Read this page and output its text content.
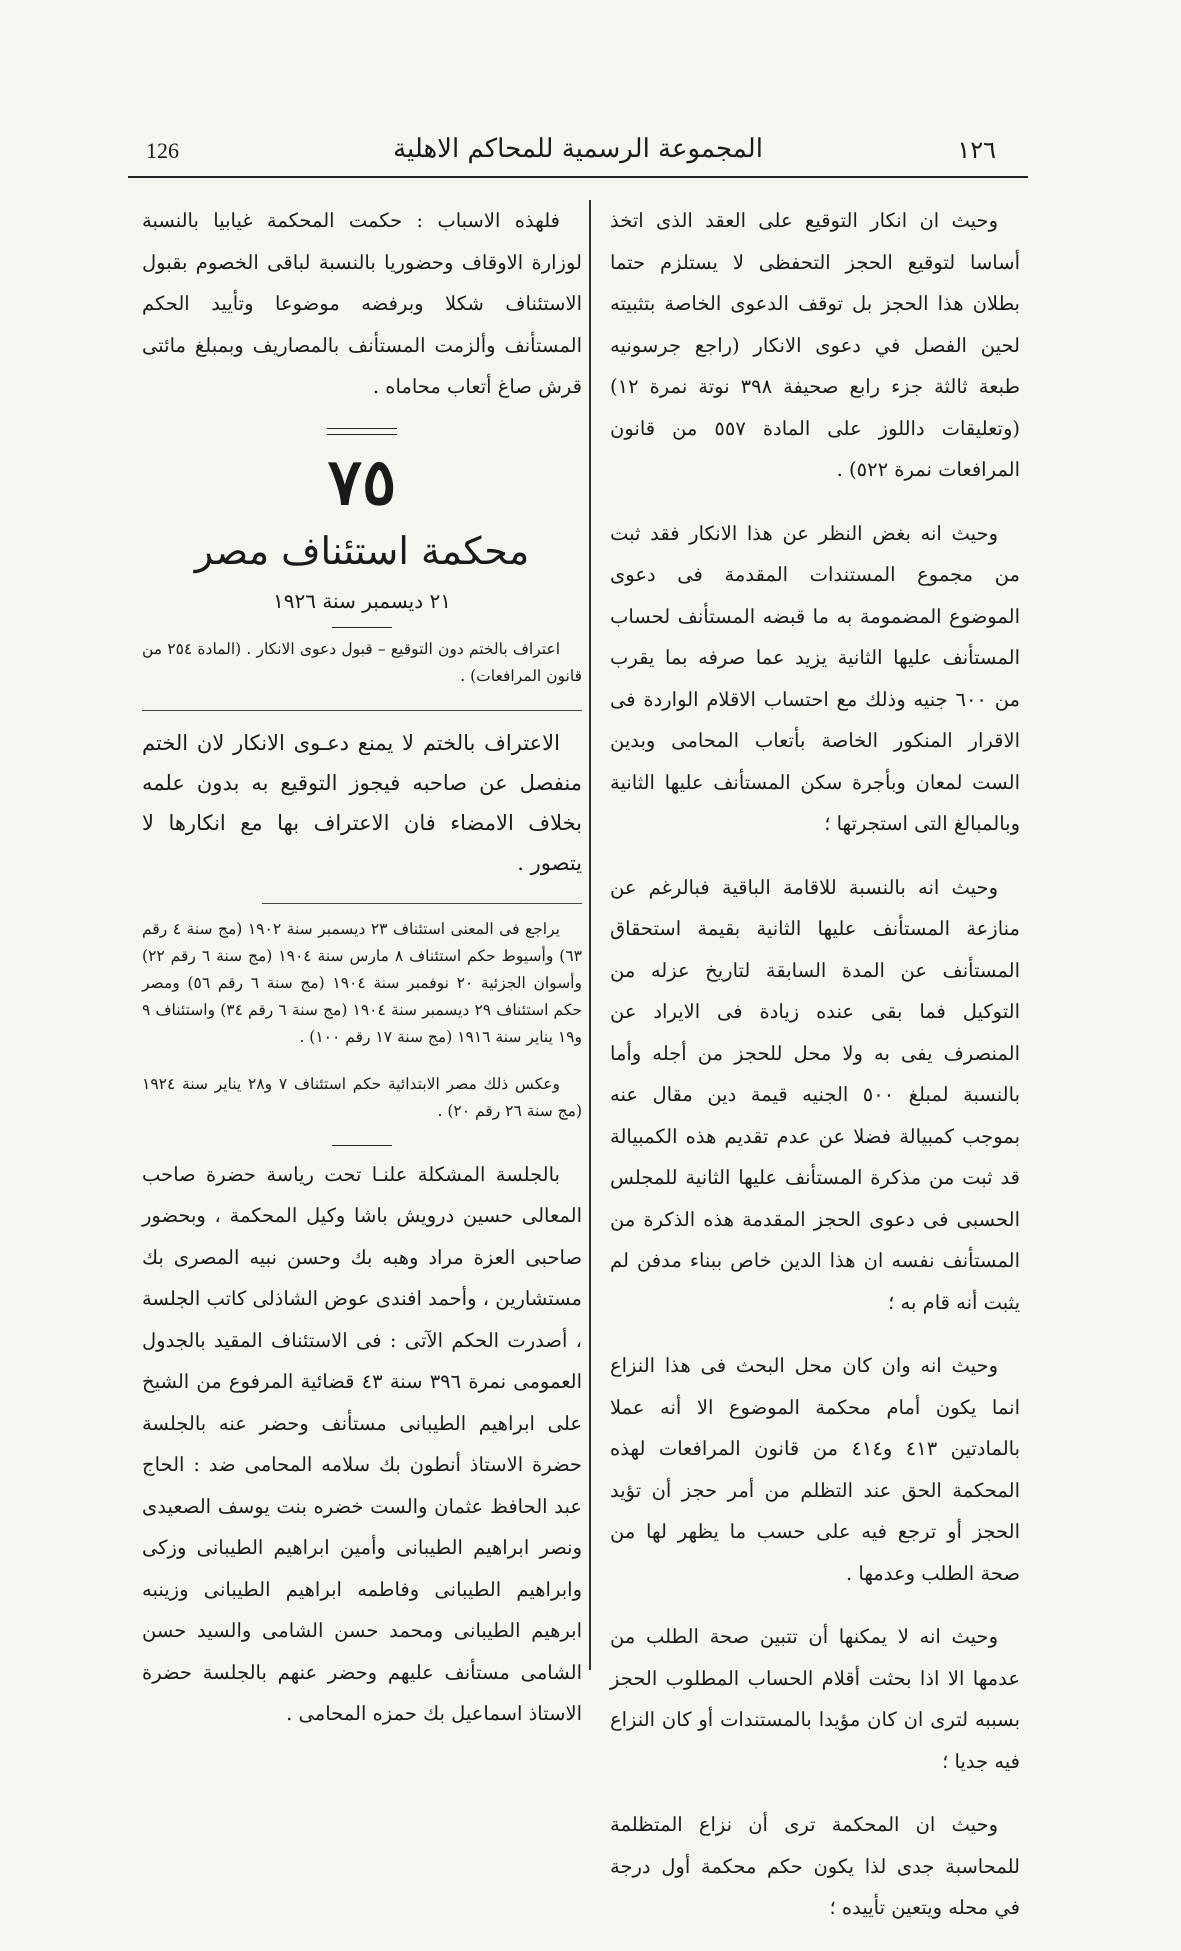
126	المجموعة الرسمية للمحاكم الاهلية	١٢٦

وحيث ان انكار التوقيع على العقد الذى اتخذ أساسا لتوقيع الحجز التحفظى لا يستلزم حتما بطلان هذا الحجز بل توقف الدعوى الخاصة بتثبيته لحين الفصل في دعوى الانكار (راجع جرسونيه طبعة ثالثة جزء رابع صحيفة ٣٩٨ نوتة نمرة ١٢) (وتعليقات داللوز على المادة ٥٥٧ من قانون المرافعات نمرة ٥٢٢) .

وحيث انه بغض النظر عن هذا الانكار فقد ثبت من مجموع المستندات المقدمة فى دعوى الموضوع المضمومة به ما قبضه المستأنف لحساب المستأنف عليها الثانية يزيد عما صرفه بما يقرب من ٦٠٠ جنيه وذلك مع احتساب الاقلام الواردة فى الاقرار المنكور الخاصة بأتعاب المحامى وبدين الست لمعان وبأجرة سكن المستأنف عليها الثانية وبالمبالغ التى استجرتها ؛

وحيث انه بالنسبة للاقامة الباقية فبالرغم عن منازعة المستأنف عليها الثانية بقيمة استحقاق المستأنف عن المدة السابقة لتاريخ عزله من التوكيل فما بقى عنده زيادة فى الايراد عن المنصرف يفى به ولا محل للحجز من أجله وأما بالنسبة لمبلغ ٥٠٠ الجنيه قيمة دين مقال عنه بموجب كمبيالة فضلا عن عدم تقديم هذه الكمبيالة قد ثبت من مذكرة المستأنف عليها الثانية للمجلس الحسبى فى دعوى الحجز المقدمة هذه الذكرة من المستأنف نفسه ان هذا الدين خاص ببناء مدفن لم يثبت أنه قام به ؛

وحيث انه وان كان محل البحث فى هذا النزاع انما يكون أمام محكمة الموضوع الا أنه عملا بالمادتين ٤١٣ و٤١٤ من قانون المرافعات لهذه المحكمة الحق عند التظلم من أمر حجز أن تؤيد الحجز أو ترجع فيه على حسب ما يظهر لها من صحة الطلب وعدمها .

وحيث انه لا يمكنها أن تتبين صحة الطلب من عدمها الا اذا بحثت أقلام الحساب المطلوب الحجز بسببه لترى ان كان مؤيدا بالمستندات أو كان النزاع فيه جديا ؛

وحيث ان المحكمة ترى أن نزاع المتظلمة للمحاسبة جدى لذا يكون حكم محكمة أول درجة في محله ويتعين تأييده ؛

فلهذه الاسباب : حكمت المحكمة غيابيا بالنسبة لوزارة الاوقاف وحضوريا بالنسبة لباقى الخصوم بقبول الاستئناف شكلا وبرفضه موضوعا وتأييد الحكم المستأنف وألزمت المستأنف بالمصاريف وبمبلغ مائتى قرش صاغ أتعاب محاماه .

٧٥
محكمة استئناف مصر
٢١ ديسمبر سنة ١٩٢٦

اعتراف بالختم دون التوقيع – قبول دعوى الانكار . (المادة ٢٥٤ من قانون المرافعات) .

الاعتراف بالختم لا يمنع دعـوى الانكار لان الختم منفصل عن صاحبه فيجوز التوقيع به بدون علمه بخلاف الامضاء فان الاعتراف بها مع انكارها لا يتصور .

يراجع فى المعنى استئناف ٢٣ ديسمبر سنة ١٩٠٢ (مج سنة ٤ رقم ٦٣) وأسيوط حكم استئناف ٨ مارس سنة ١٩٠٤ (مج سنة ٦ رقم ٢٢) وأسوان الجزئية ٢٠ نوفمبر سنة ١٩٠٤ (مج سنة ٦ رقم ٥٦) ومصر حكم استئناف ٢٩ ديسمبر سنة ١٩٠٤ (مج سنة ٦ رقم ٣٤) واستئناف ٩ و١٩ يناير سنة ١٩١٦ (مج سنة ١٧ رقم ١٠٠) .

وعكس ذلك مصر الابتدائية حكم استئناف ٧ و٢٨ يناير سنة ١٩٢٤ (مج سنة ٢٦ رقم ٢٠) .

بالجلسة المشكلة علنـا تحت رياسة حضرة صاحب المعالى حسين درويش باشا وكيل المحكمة ، وبحضور صاحبى العزة مراد وهبه بك وحسن نبيه المصرى بك مستشارين ، وأحمد افندى عوض الشاذلى كاتب الجلسة ، أصدرت الحكم الآتى : فى الاستئناف المقيد بالجدول العمومى نمرة ٣٩٦ سنة ٤٣ قضائية المرفوع من الشيخ على ابراهيم الطيبانى مستأنف وحضر عنه بالجلسة حضرة الاستاذ أنطون بك سلامه المحامى ضد : الحاج عبد الحافظ عثمان والست خضره بنت يوسف الصعيدى ونصر ابراهيم الطيبانى وأمين ابراهيم الطيبانى وزكى وابراهيم الطيبانى وفاطمه ابراهيم الطيبانى وزينبه ابرهيم الطيبانى ومحمد حسن الشامى والسيد حسن الشامى مستأنف عليهم وحضر عنهم بالجلسة حضرة الاستاذ اسماعيل بك حمزه المحامى .
